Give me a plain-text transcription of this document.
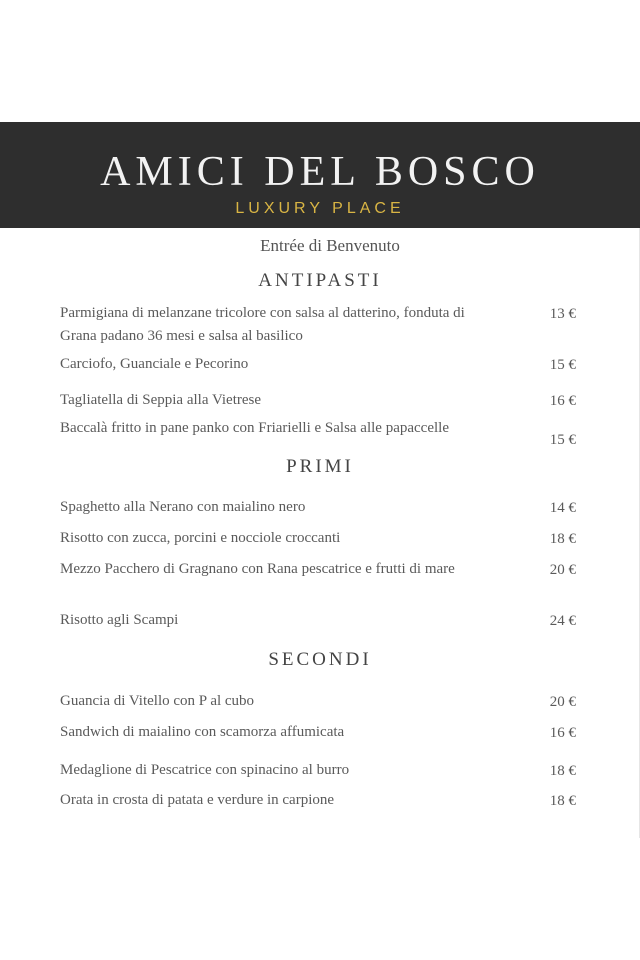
AMICI DEL BOSCO
LUXURY PLACE
Entrée di Benvenuto
ANTIPASTI
Parmigiana di melanzane tricolore con salsa al datterino, fonduta di Grana padano 36 mesi e salsa al basilico
13 €
Carciofo, Guanciale e Pecorino	15 €
Tagliatella di Seppia alla Vietrese	16 €
Baccalà fritto in pane panko con Friarielli e Salsa alle papaccelle
15 €
PRIMI
Spaghetto alla Nerano con maialino nero	14 €
Risotto con zucca, porcini e nocciole croccanti	18 €
Mezzo Pacchero di Gragnano con Rana pescatrice e frutti di mare	20 €
Risotto agli Scampi	24 €
SECONDI
Guancia di Vitello con P al cubo	20 €
Sandwich di maialino con scamorza affumicata	16 €
Medaglione di Pescatrice con spinacino al burro	18 €
Orata in crosta di patata e verdure in carpione	18 €
